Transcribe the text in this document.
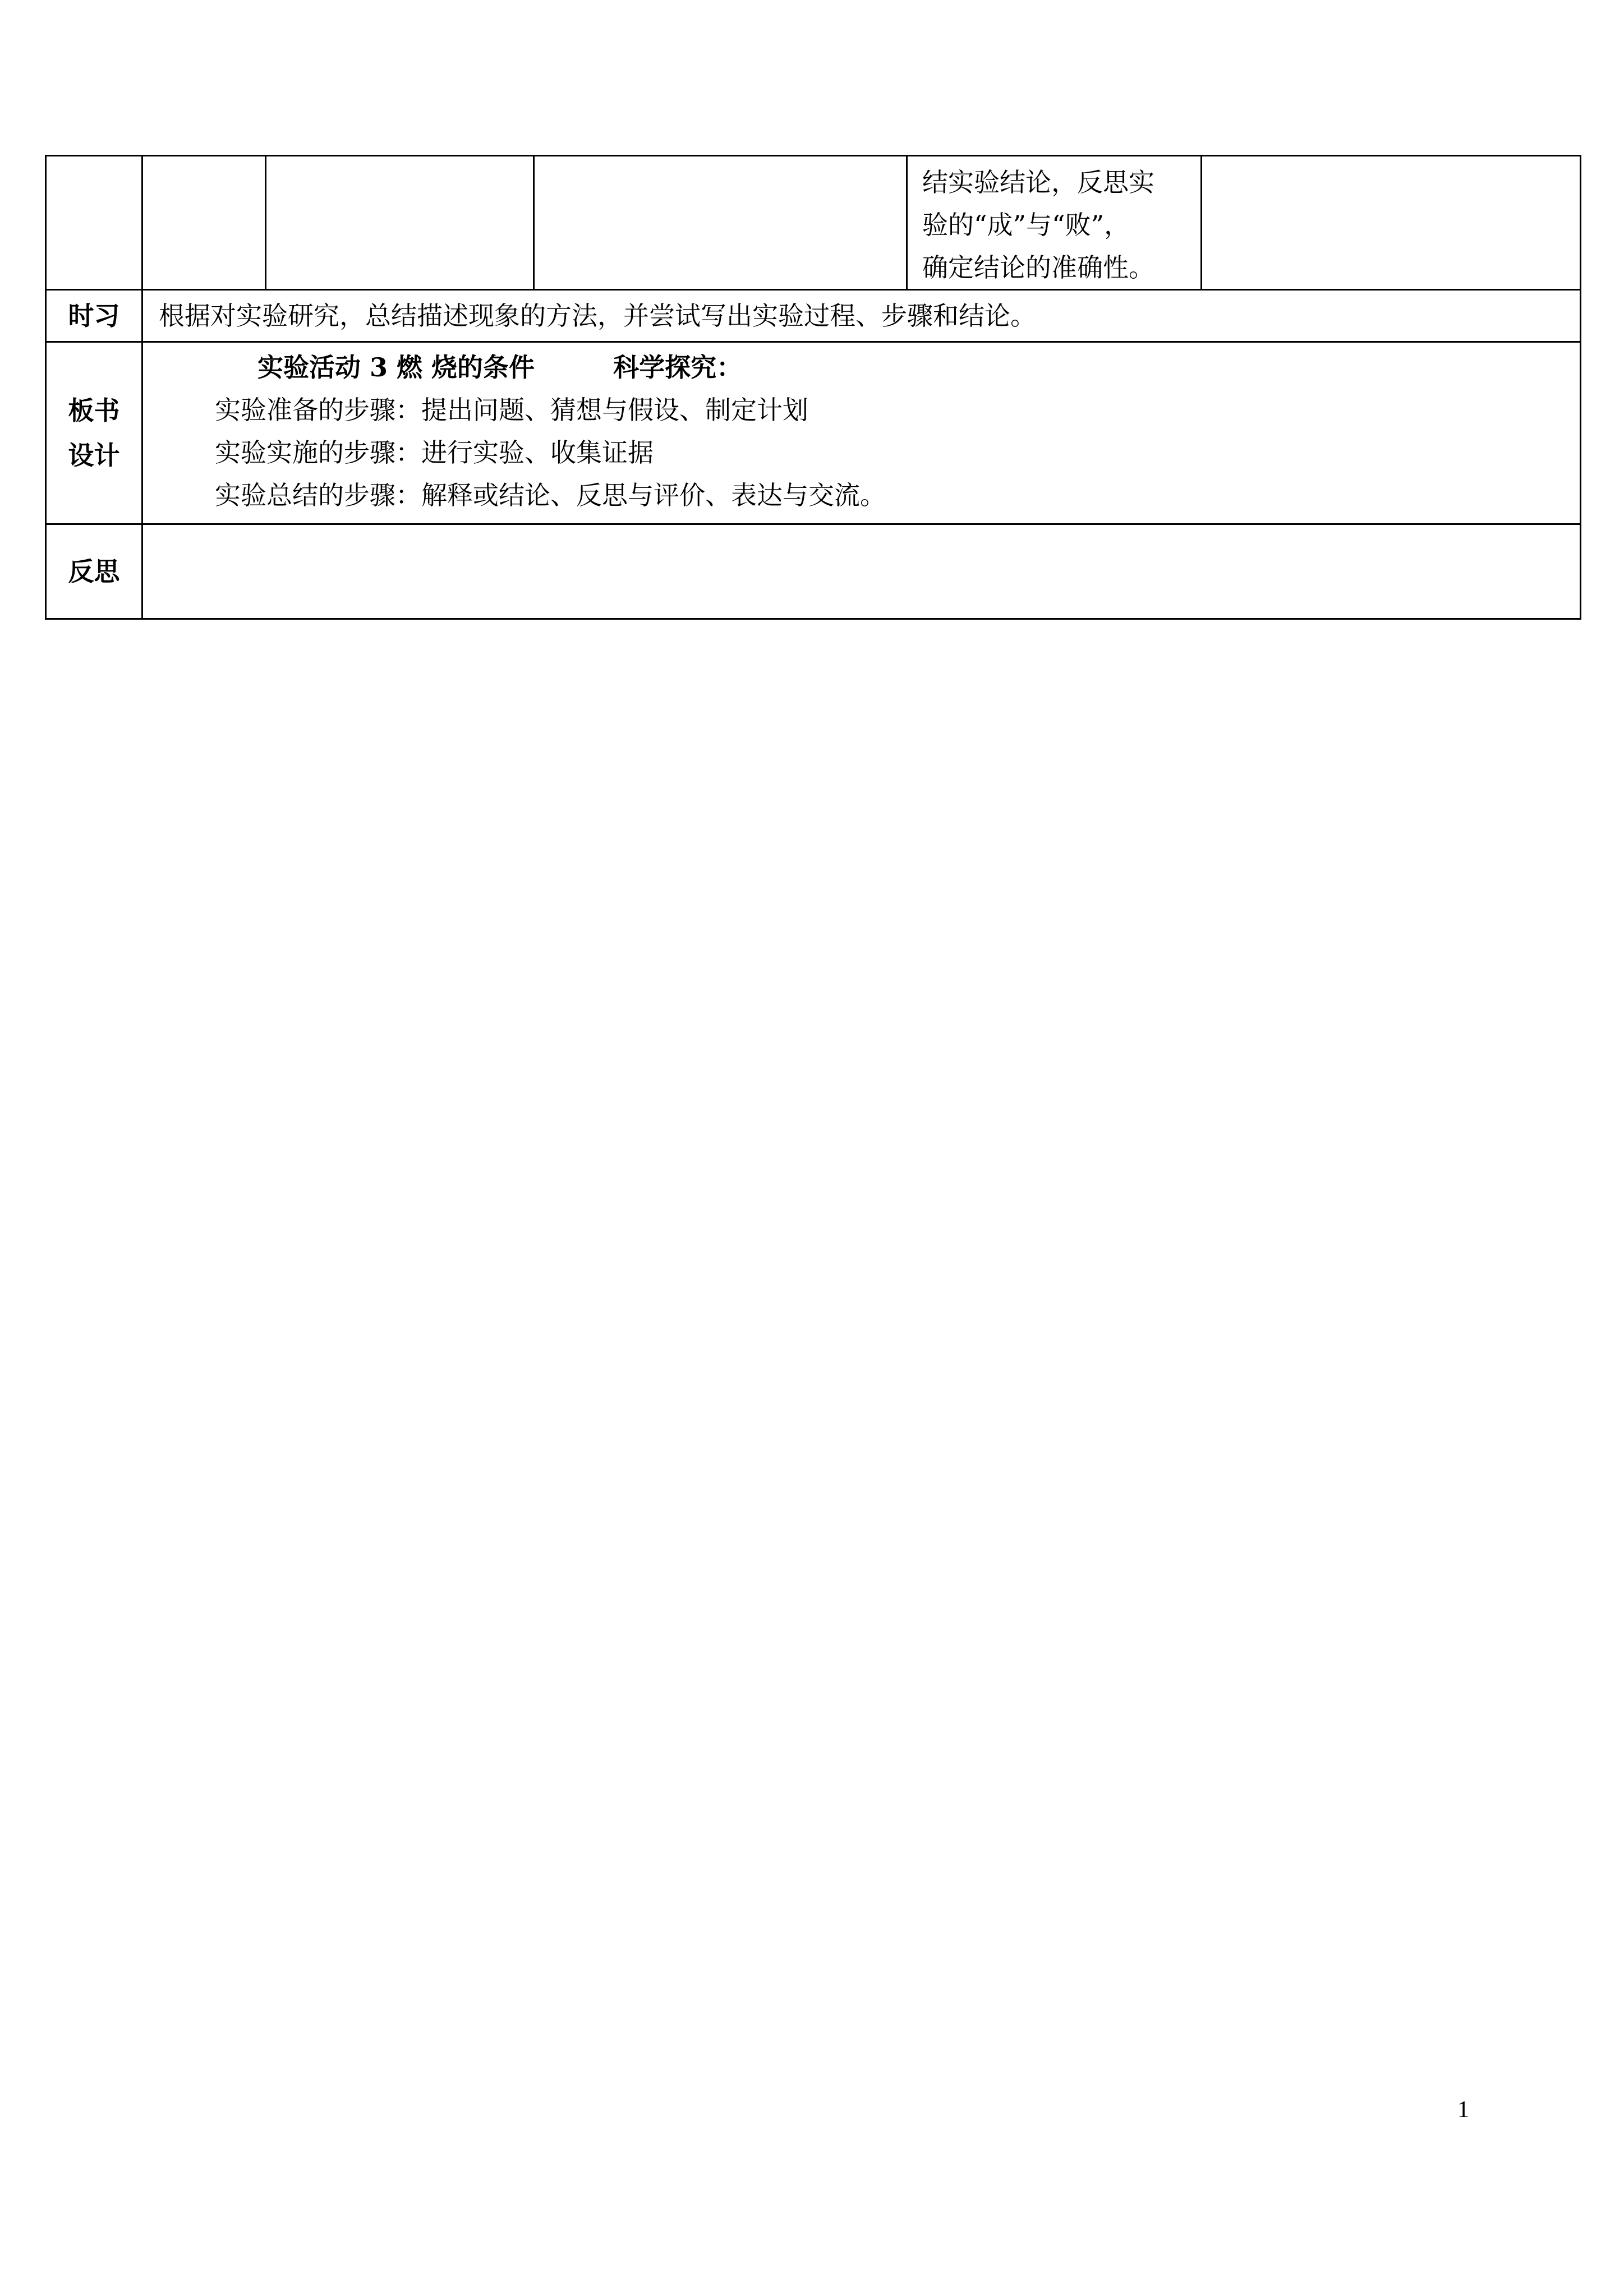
				结实验结论，反思实
验的“成”与“败”，
确定结论的准确性。	

时习	根据对实验研究，总结描述现象的方法，并尝试写出实验过程、步骤和结论。				
板书
设计	实验活动 3 燃 烧的条件 科学探究：
实验准备的步骤：提出问题、猜想与假设、制定计划
实验实施的步骤：进行实验、收集证据
实验总结的步骤：解释或结论、反思与评价、表达与交流。				

反思					
1
